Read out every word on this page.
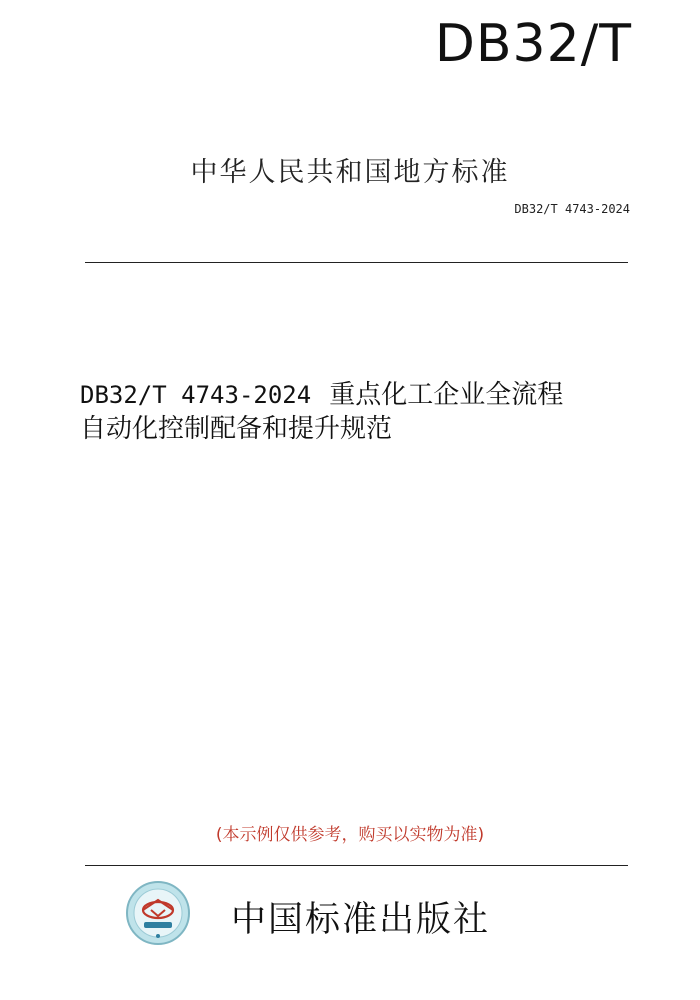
DB32/T
中华人民共和国地方标准
DB32/T 4743-2024
DB32/T 4743-2024 重点化工企业全流程
自动化控制配备和提升规范
(本示例仅供参考，购买以实物为准)
中国标准出版社
